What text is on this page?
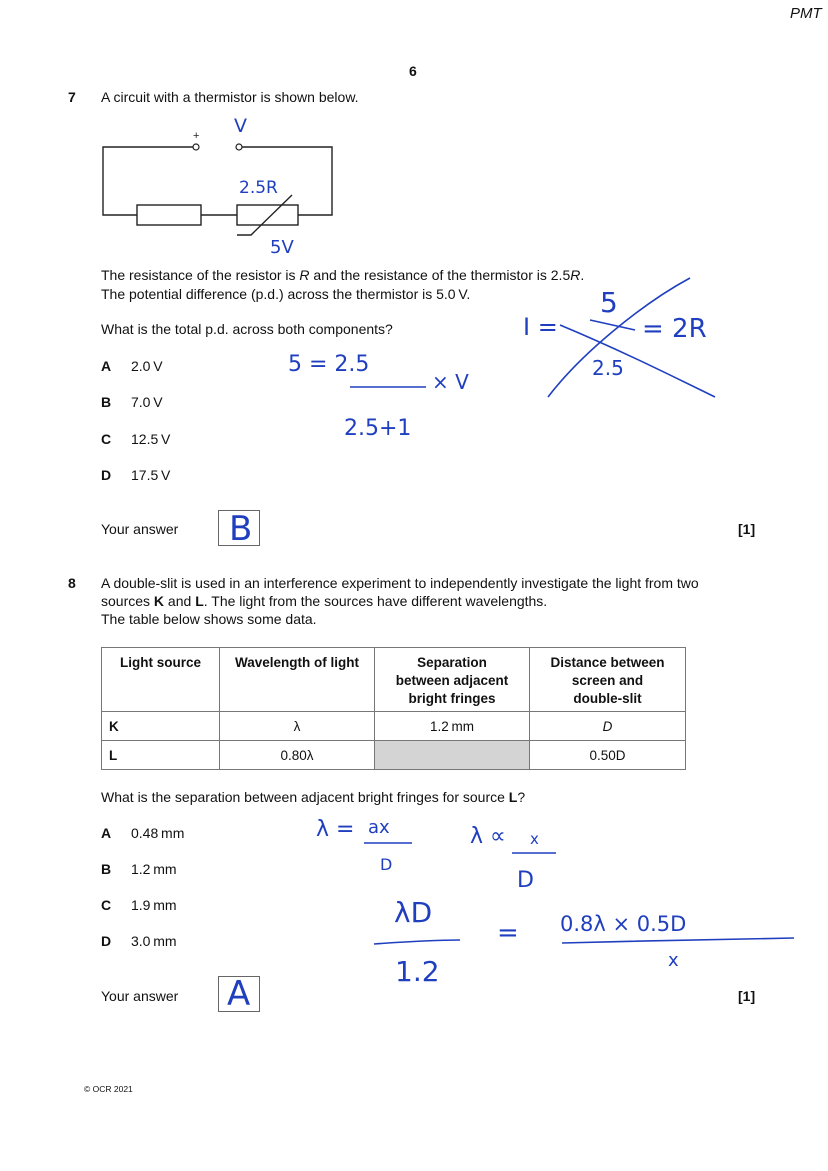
PMT
6
7 A circuit with a thermistor is shown below.
+ V
2.5R
5V
The resistance of the resistor is R and the resistance of the thermistor is 2.5R.
The potential difference (p.d.) across the thermistor is 5.0 V.
What is the total p.d. across both components?
A 2.0 V
B 7.0 V
C 12.5 V
D 17.5 V
5 = 2.5
× V
2.5+1
I =
5
= 2R
2.5
Your answer B	[1]
8 A double-slit is used in an interference experiment to independently investigate the light from two
sources K and L. The light from the sources have different wavelengths.
The table below shows some data.
Light source	Wavelength of light	Separation
between adjacent
bright fringes	Distance between
screen and
double-slit
K	λ	1.2 mm	D
L	0.80λ		0.50D
What is the separation between adjacent bright fringes for source L?
A 0.48 mm
B 1.2 mm
C 1.9 mm
D 3.0 mm
λ = ax
D
λ ∝ x
D
λD
1.2
= 0.8λ × 0.5D
x
Your answer A	[1]
© OCR 2021
